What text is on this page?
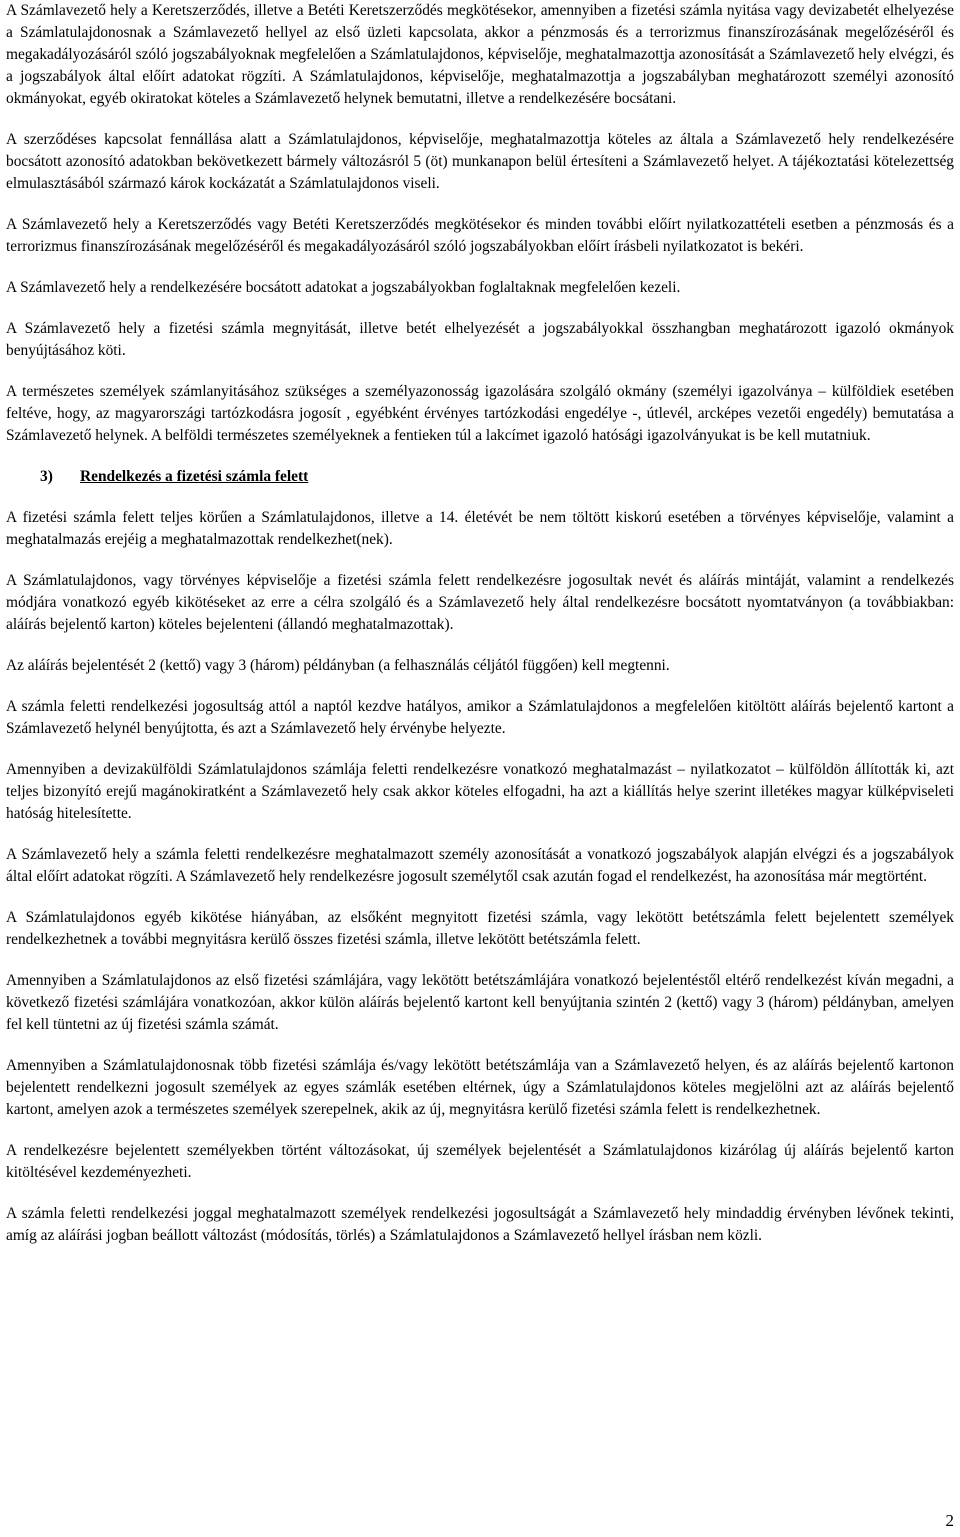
A Számlavezető hely a Keretszerződés, illetve a Betéti Keretszerződés megkötésekor, amennyiben a fizetési számla nyitása vagy devizabetét elhelyezése a Számlatulajdonosnak a Számlavezető hellyel az első üzleti kapcsolata, akkor a pénzmosás és a terrorizmus finanszírozásának megelőzéséről és megakadályozásáról szóló jogszabályoknak megfelelően a Számlatulajdonos, képviselője, meghatalmazottja azonosítását a Számlavezető hely elvégzi, és a jogszabályok által előírt adatokat rögzíti. A Számlatulajdonos, képviselője, meghatalmazottja a jogszabályban meghatározott személyi azonosító okmányokat, egyéb okiratokat köteles a Számlavezető helynek bemutatni, illetve a rendelkezésére bocsátani.

A szerződéses kapcsolat fennállása alatt a Számlatulajdonos, képviselője, meghatalmazottja köteles az általa a Számlavezető hely rendelkezésére bocsátott azonosító adatokban bekövetkezett bármely változásról 5 (öt) munkanapon belül értesíteni a Számlavezető helyet. A tájékoztatási kötelezettség elmulasztásából származó károk kockázatát a Számlatulajdonos viseli.

A Számlavezető hely a Keretszerződés vagy Betéti Keretszerződés megkötésekor és minden további előírt nyilatkozattételi esetben a pénzmosás és a terrorizmus finanszírozásának megelőzéséről és megakadályozásáról szóló jogszabályokban előírt írásbeli nyilatkozatot is bekéri.

A Számlavezető hely a rendelkezésére bocsátott adatokat a jogszabályokban foglaltaknak megfelelően kezeli.

A Számlavezető hely a fizetési számla megnyitását, illetve betét elhelyezését a jogszabályokkal összhangban meghatározott igazoló okmányok benyújtásához köti.

A természetes személyek számlanyitásához szükséges a személyazonosság igazolására szolgáló okmány (személyi igazolványa – külföldiek esetében feltéve, hogy, az magyarországi tartózkodásra jogosít , egyébként érvényes tartózkodási engedélye -, útlevél, arcképes vezetői engedély) bemutatása a Számlavezető helynek. A belföldi természetes személyeknek a fentieken túl a lakcímet igazoló hatósági igazolványukat is be kell mutatniuk.

3) Rendelkezés a fizetési számla felett

A fizetési számla felett teljes körűen a Számlatulajdonos, illetve a 14. életévét be nem töltött kiskorú esetében a törvényes képviselője, valamint a meghatalmazás erejéig a meghatalmazottak rendelkezhet(nek).

A Számlatulajdonos, vagy törvényes képviselője a fizetési számla felett rendelkezésre jogosultak nevét és aláírás mintáját, valamint a rendelkezés módjára vonatkozó egyéb kikötéseket az erre a célra szolgáló és a Számlavezető hely által rendelkezésre bocsátott nyomtatványon (a továbbiakban: aláírás bejelentő karton) köteles bejelenteni (állandó meghatalmazottak).

Az aláírás bejelentését 2 (kettő) vagy 3 (három) példányban (a felhasználás céljától függően) kell megtenni.

A számla feletti rendelkezési jogosultság attól a naptól kezdve hatályos, amikor a Számlatulajdonos a megfelelően kitöltött aláírás bejelentő kartont a Számlavezető helynél benyújtotta, és azt a Számlavezető hely érvénybe helyezte.

Amennyiben a devizakülföldi Számlatulajdonos számlája feletti rendelkezésre vonatkozó meghatalmazást – nyilatkozatot – külföldön állították ki, azt teljes bizonyító erejű magánokiratként a Számlavezető hely csak akkor köteles elfogadni, ha azt a kiállítás helye szerint illetékes magyar külképviseleti hatóság hitelesítette.

A Számlavezető hely a számla feletti rendelkezésre meghatalmazott személy azonosítását a vonatkozó jogszabályok alapján elvégzi és a jogszabályok által előírt adatokat rögzíti. A Számlavezető hely rendelkezésre jogosult személytől csak azután fogad el rendelkezést, ha azonosítása már megtörtént.

A Számlatulajdonos egyéb kikötése hiányában, az elsőként megnyitott fizetési számla, vagy lekötött betétszámla felett bejelentett személyek rendelkezhetnek a további megnyitásra kerülő összes fizetési számla, illetve lekötött betétszámla felett.

Amennyiben a Számlatulajdonos az első fizetési számlájára, vagy lekötött betétszámlájára vonatkozó bejelentéstől eltérő rendelkezést kíván megadni, a következő fizetési számlájára vonatkozóan, akkor külön aláírás bejelentő kartont kell benyújtania szintén 2 (kettő) vagy 3 (három) példányban, amelyen fel kell tüntetni az új fizetési számla számát.

Amennyiben a Számlatulajdonosnak több fizetési számlája és/vagy lekötött betétszámlája van a Számlavezető helyen, és az aláírás bejelentő kartonon bejelentett rendelkezni jogosult személyek az egyes számlák esetében eltérnek, úgy a Számlatulajdonos köteles megjelölni azt az aláírás bejelentő kartont, amelyen azok a természetes személyek szerepelnek, akik az új, megnyitásra kerülő fizetési számla felett is rendelkezhetnek.

A rendelkezésre bejelentett személyekben történt változásokat, új személyek bejelentését a Számlatulajdonos kizárólag új aláírás bejelentő karton kitöltésével kezdeményezheti.

A számla feletti rendelkezési joggal meghatalmazott személyek rendelkezési jogosultságát a Számlavezető hely mindaddig érvényben lévőnek tekinti, amíg az aláírási jogban beállott változást (módosítás, törlés) a Számlatulajdonos a Számlavezető hellyel írásban nem közli.

2
